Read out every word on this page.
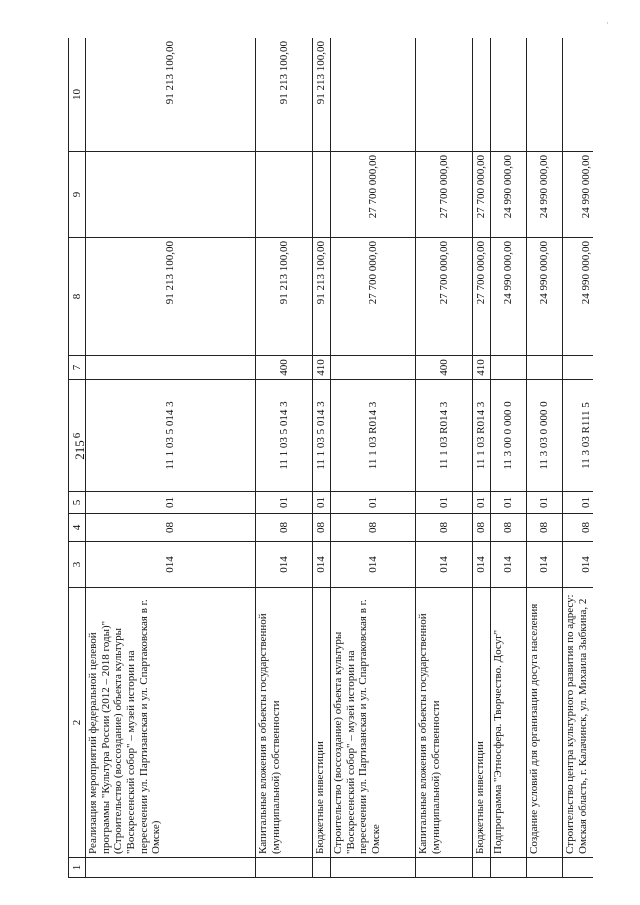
·
215
1	2	3	4	5	6	7	8	9	10
	Реализация мероприятий федеральной целевой программы "Культура России (2012 – 2018 годы)" (Строительство (воссоздание) объекта культуры "Воскресенский собор" – музей истории на пересечении ул. Партизанская и ул. Спартаковская в г. Омске)	014	08	01	11 1 03 5 014 3		91 213 100,00		91 213 100,00
	Капитальные вложения в объекты государственной (муниципальной) собственности	014	08	01	11 1 03 5 014 3	400	91 213 100,00		91 213 100,00
	Бюджетные инвестиции	014	08	01	11 1 03 5 014 3	410	91 213 100,00		91 213 100,00
	Строительство (воссоздание) объекта культуры "Воскресенский собор" – музей истории на пересечении ул. Партизанская и ул. Спартаковская в г. Омске	014	08	01	11 1 03 R014 3		27 700 000,00	27 700 000,00	
	Капитальные вложения в объекты государственной (муниципальной) собственности	014	08	01	11 1 03 R014 3	400	27 700 000,00	27 700 000,00	
	Бюджетные инвестиции	014	08	01	11 1 03 R014 3	410	27 700 000,00	27 700 000,00	
	Подпрограмма "Этносфера. Творчество. Досуг"	014	08	01	11 3 00 0 000 0		24 990 000,00	24 990 000,00	
	Создание условий для организации досуга населения	014	08	01	11 3 03 0 000 0		24 990 000,00	24 990 000,00	
	Строительство центра культурного развития по адресу: Омская область, г. Калачинск, ул. Михаила Зыбкина, 2	014	08	01	11 3 03 R111 5		24 990 000,00	24 990 000,00	
